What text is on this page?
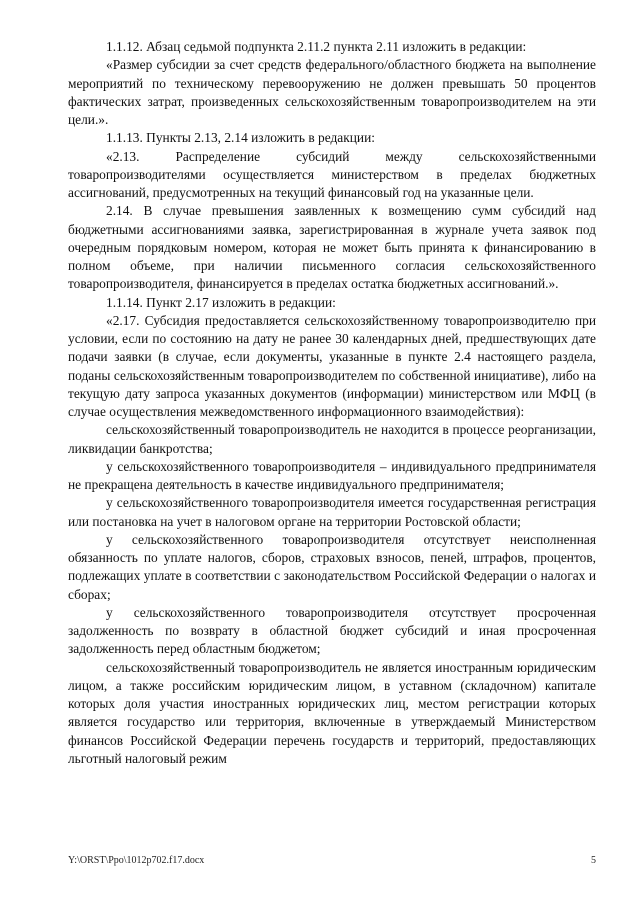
1.1.12. Абзац седьмой подпункта 2.11.2 пункта 2.11 изложить в редакции:

«Размер субсидии за счет средств федерального/областного бюджета на выполнение мероприятий по техническому перевооружению не должен превышать 50 процентов фактических затрат, произведенных сельскохозяйственным товаропроизводителем на эти цели.».

1.1.13. Пункты 2.13, 2.14 изложить в редакции:

«2.13. Распределение субсидий между сельскохозяйственными товаропроизводителями осуществляется министерством в пределах бюджетных ассигнований, предусмотренных на текущий финансовый год на указанные цели.

2.14. В случае превышения заявленных к возмещению сумм субсидий над бюджетными ассигнованиями заявка, зарегистрированная в журнале учета заявок под очередным порядковым номером, которая не может быть принята к финансированию в полном объеме, при наличии письменного согласия сельскохозяйственного товаропроизводителя, финансируется в пределах остатка бюджетных ассигнований.».

1.1.14. Пункт 2.17 изложить в редакции:

«2.17. Субсидия предоставляется сельскохозяйственному товаропроизводителю при условии, если по состоянию на дату не ранее 30 календарных дней, предшествующих дате подачи заявки (в случае, если документы, указанные в пункте 2.4 настоящего раздела, поданы сельскохозяйственным товаропроизводителем по собственной инициативе), либо на текущую дату запроса указанных документов (информации) министерством или МФЦ (в случае осуществления межведомственного информационного взаимодействия):

сельскохозяйственный товаропроизводитель не находится в процессе реорганизации, ликвидации банкротства;

у сельскохозяйственного товаропроизводителя – индивидуального предпринимателя не прекращена деятельность в качестве индивидуального предпринимателя;

у сельскохозяйственного товаропроизводителя имеется государственная регистрация или постановка на учет в налоговом органе на территории Ростовской области;

у сельскохозяйственного товаропроизводителя отсутствует неисполненная обязанность по уплате налогов, сборов, страховых взносов, пеней, штрафов, процентов, подлежащих уплате в соответствии с законодательством Российской Федерации о налогах и сборах;

у сельскохозяйственного товаропроизводителя отсутствует просроченная задолженность по возврату в областной бюджет субсидий и иная просроченная задолженность перед областным бюджетом;

сельскохозяйственный товаропроизводитель не является иностранным юридическим лицом, а также российским юридическим лицом, в уставном (складочном) капитале которых доля участия иностранных юридических лиц, местом регистрации которых является государство или территория, включенные в утверждаемый Министерством финансов Российской Федерации перечень государств и территорий, предоставляющих льготный налоговый режим

Y:\ORST\Ppo\1012p702.f17.docx	5
